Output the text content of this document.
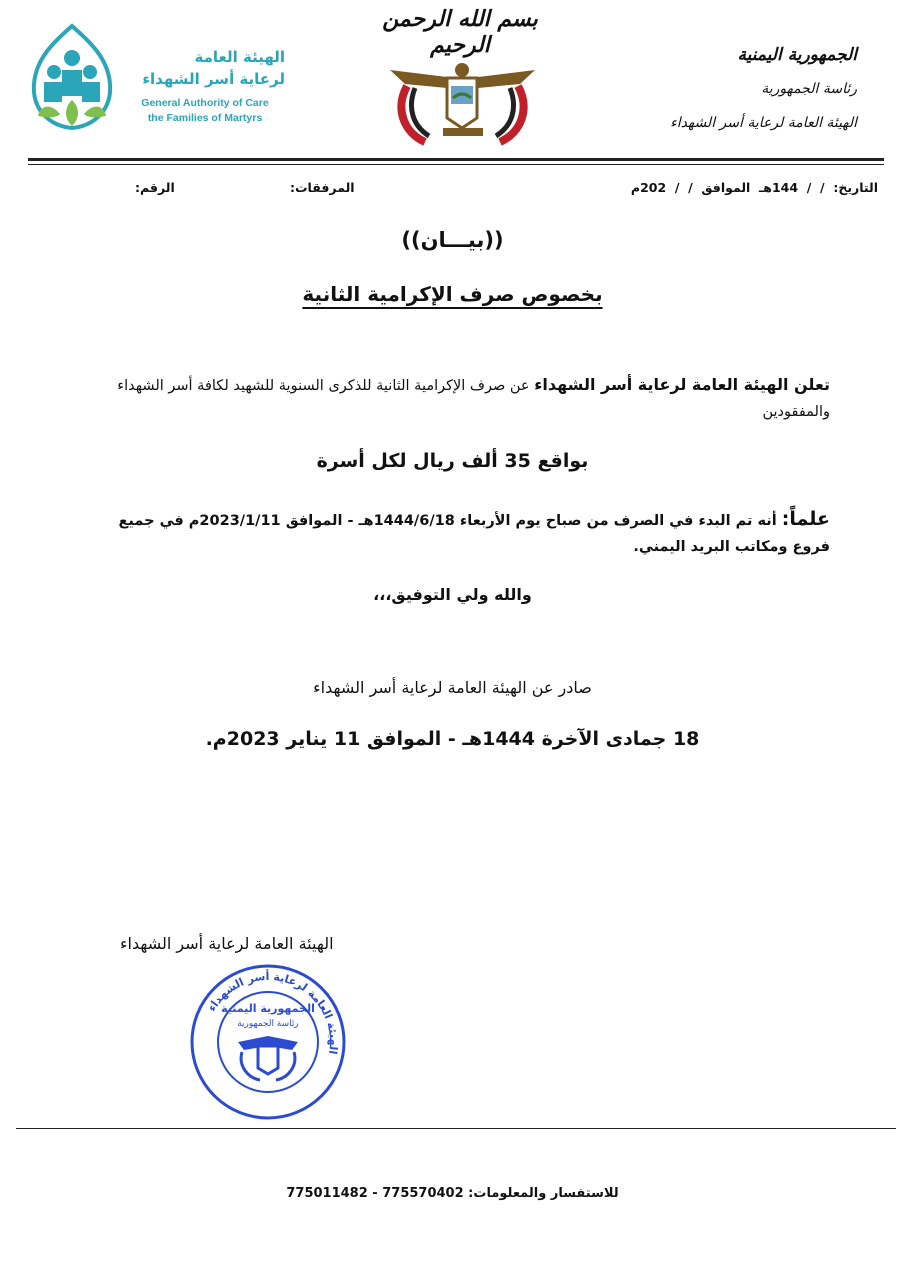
الهيئة العامة
لرعاية أسر الشهداء
General Authority of Care
the Families of Martyrs
بسم الله الرحمن الرحيم	الجمهورية اليمنية
رئاسة الجمهورية
الهيئة العامة لرعاية أسر الشهداء
التاريخ:  /  /  144هـ  الموافق  /  /  202م
المرفقات:
الرقم:
((بيـــان))
بخصوص صرف الإكرامية الثانية
تعلن الهيئة العامة لرعاية أسر الشهداء عن صرف الإكرامية الثانية للذكرى السنوية للشهيد لكافة أسر الشهداء والمفقودين
بواقع 35 ألف ريال لكل أسرة
علماً: أنه تم البدء في الصرف من صباح يوم الأربعاء 1444/6/18هـ - الموافق 2023/1/11م في جميع فروع ومكاتب البريد اليمني.
والله ولي التوفيق،،،
صادر عن الهيئة العامة لرعاية أسر الشهداء
18 جمادى الآخرة 1444هـ - الموافق 11 يناير 2023م.
الهيئة العامة لرعاية أسر الشهداء
الهيئة العامة لرعاية أسر الشهداء
الجمهورية اليمنية
رئاسة الجمهورية
للاستفسار والمعلومات: 775570402 - 775011482
